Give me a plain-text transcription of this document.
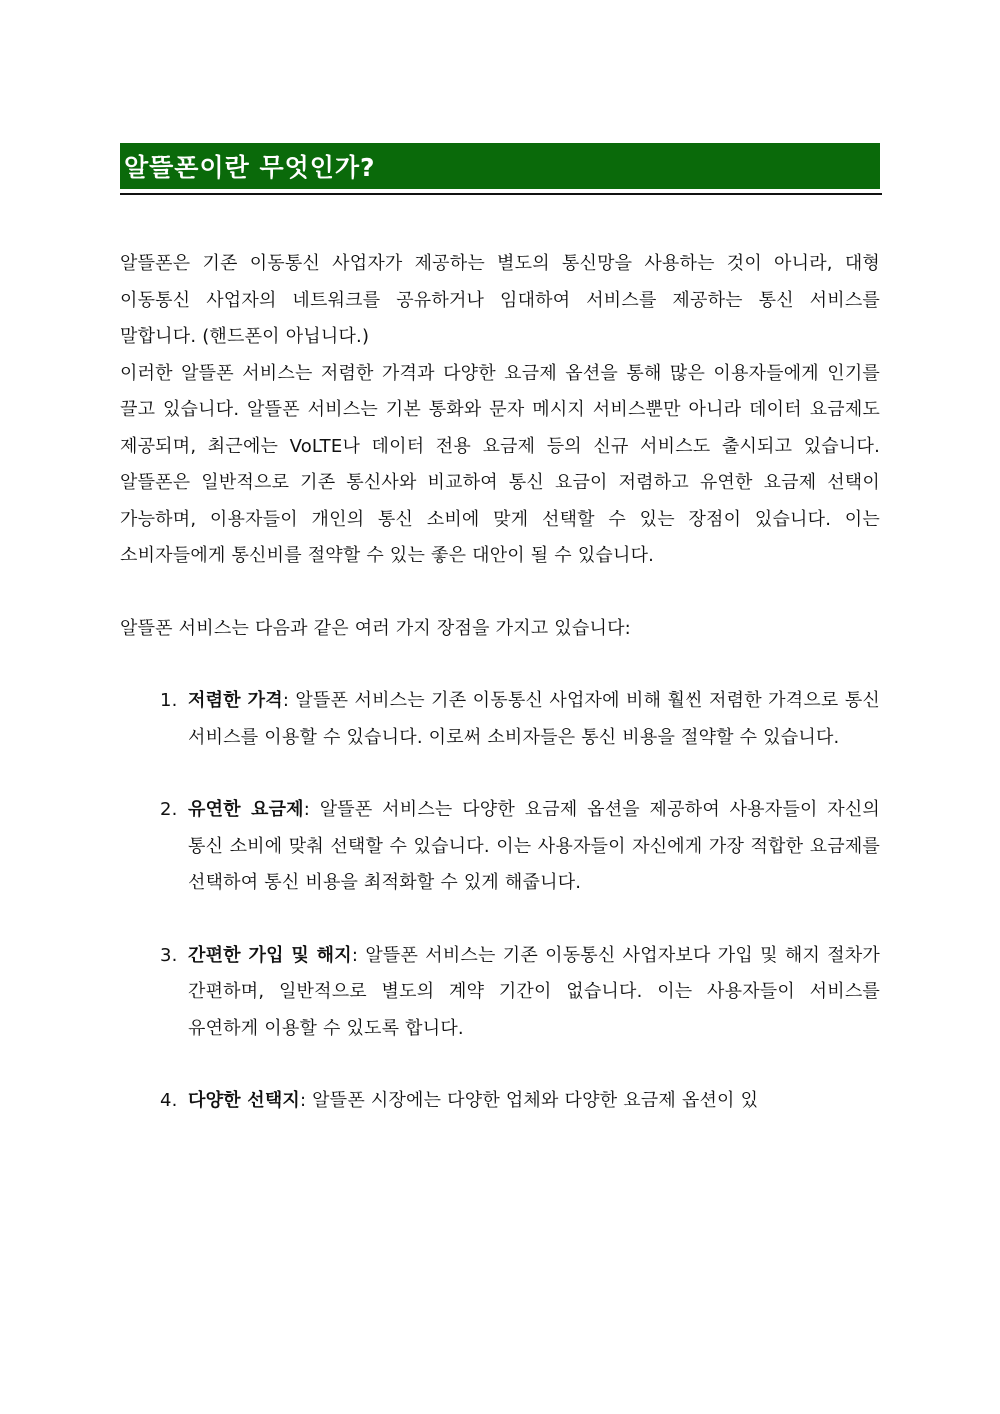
알뜰폰이란 무엇인가?

알뜰폰은 기존 이동통신 사업자가 제공하는 별도의 통신망을 사용하는 것이 아니라, 대형 이동통신 사업자의 네트워크를 공유하거나 임대하여 서비스를 제공하는 통신 서비스를 말합니다. (핸드폰이 아닙니다.)

이러한 알뜰폰 서비스는 저렴한 가격과 다양한 요금제 옵션을 통해 많은 이용자들에게 인기를 끌고 있습니다. 알뜰폰 서비스는 기본 통화와 문자 메시지 서비스뿐만 아니라 데이터 요금제도 제공되며, 최근에는 VoLTE나 데이터 전용 요금제 등의 신규 서비스도 출시되고 있습니다. 알뜰폰은 일반적으로 기존 통신사와 비교하여 통신 요금이 저렴하고 유연한 요금제 선택이 가능하며, 이용자들이 개인의 통신 소비에 맞게 선택할 수 있는 장점이 있습니다. 이는 소비자들에게 통신비를 절약할 수 있는 좋은 대안이 될 수 있습니다.

알뜰폰 서비스는 다음과 같은 여러 가지 장점을 가지고 있습니다:

1. 저렴한 가격: 알뜰폰 서비스는 기존 이동통신 사업자에 비해 훨씬 저렴한 가격으로 통신 서비스를 이용할 수 있습니다. 이로써 소비자들은 통신 비용을 절약할 수 있습니다.
2. 유연한 요금제: 알뜰폰 서비스는 다양한 요금제 옵션을 제공하여 사용자들이 자신의 통신 소비에 맞춰 선택할 수 있습니다. 이는 사용자들이 자신에게 가장 적합한 요금제를 선택하여 통신 비용을 최적화할 수 있게 해줍니다.
3. 간편한 가입 및 해지: 알뜰폰 서비스는 기존 이동통신 사업자보다 가입 및 해지 절차가 간편하며, 일반적으로 별도의 계약 기간이 없습니다. 이는 사용자들이 서비스를 유연하게 이용할 수 있도록 합니다.
4. 다양한 선택지: 알뜰폰 시장에는 다양한 업체와 다양한 요금제 옵션이 있
